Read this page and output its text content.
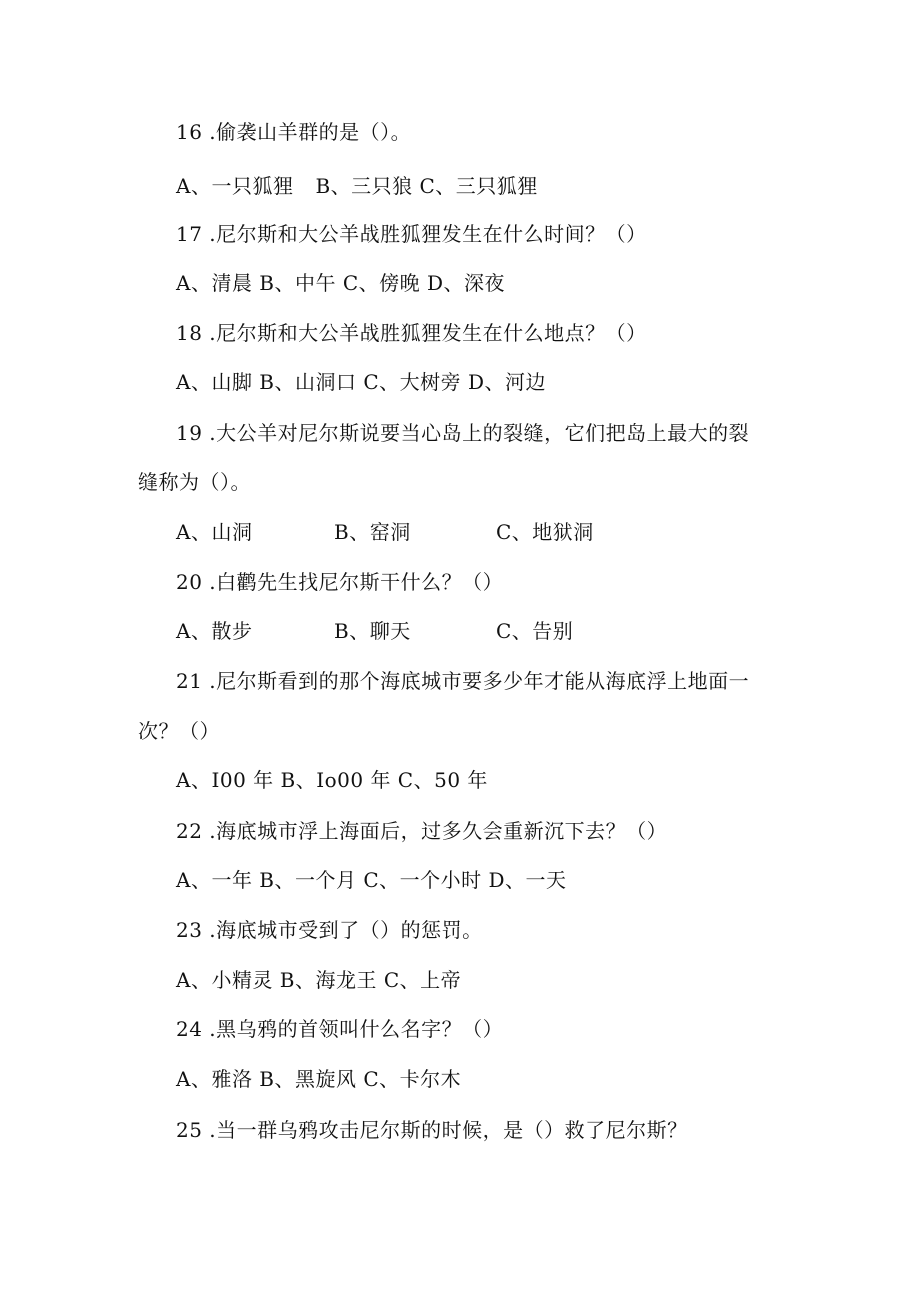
16 .偷袭山羊群的是（）。
A、一只狐狸 B、三只狼 C、三只狐狸
17 .尼尔斯和大公羊战胜狐狸发生在什么时间？（）
A、清晨 B、中午 C、傍晚 D、深夜
18 .尼尔斯和大公羊战胜狐狸发生在什么地点？（）
A、山脚 B、山洞口 C、大树旁 D、河边
19 .大公羊对尼尔斯说要当心岛上的裂缝，它们把岛上最大的裂
缝称为（）。
A、山洞	B、窑洞	C、地狱洞
20 .白鹳先生找尼尔斯干什么？（）
A、散步	B、聊天	C、告别
21 .尼尔斯看到的那个海底城市要多少年才能从海底浮上地面一
次？（）
A、I00 年 B、Io00 年 C、50 年
22 .海底城市浮上海面后，过多久会重新沉下去？（）
A、一年 B、一个月 C、一个小时 D、一天
23 .海底城市受到了（）的惩罚。
A、小精灵 B、海龙王 C、上帝
24 .黑乌鸦的首领叫什么名字？（）
A、雅洛 B、黑旋风 C、卡尔木
25 .当一群乌鸦攻击尼尔斯的时候，是（）救了尼尔斯？
